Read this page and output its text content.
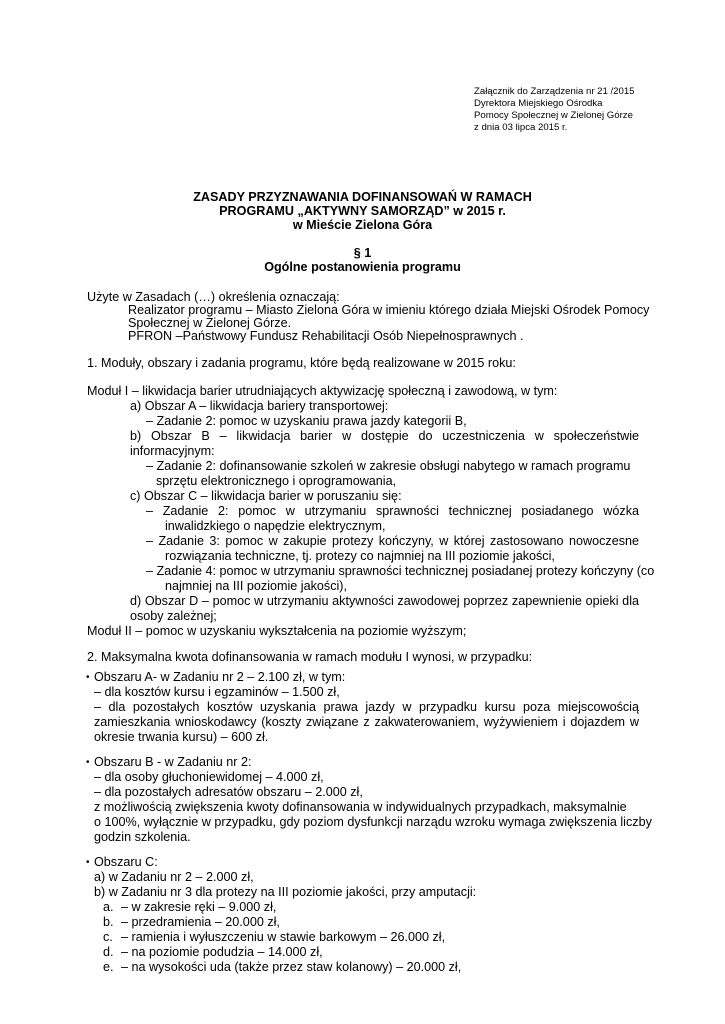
Załącznik do Zarządzenia nr 21 /2015
Dyrektora Miejskiego Ośrodka
Pomocy Społecznej w Zielonej Górze
z dnia 03 lipca 2015 r.
ZASADY PRZYZNAWANIA DOFINANSOWAŃ W RAMACH
PROGRAMU „AKTYWNY SAMORZĄD” w 2015 r.
w Mieście Zielona Góra
§ 1
Ogólne postanowienia programu
Użyte w Zasadach (…) określenia oznaczają:
Realizator programu – Miasto Zielona Góra w imieniu którego działa Miejski Ośrodek Pomocy
Społecznej w Zielonej Górze.
PFRON –Państwowy Fundusz Rehabilitacji Osób Niepełnosprawnych .
1. Moduły, obszary i zadania programu, które będą realizowane w 2015 roku:
Moduł I – likwidacja barier utrudniających aktywizację społeczną i zawodową, w tym:
a) Obszar A – likwidacja bariery transportowej:
– Zadanie 2: pomoc w uzyskaniu prawa jazdy kategorii B,
b) Obszar B – likwidacja barier w dostępie do uczestniczenia w społeczeństwie
informacyjnym:
– Zadanie 2: dofinansowanie szkoleń w zakresie obsługi nabytego w ramach programu
sprzętu elektronicznego i oprogramowania,
c) Obszar C – likwidacja barier w poruszaniu się:
– Zadanie 2: pomoc w utrzymaniu sprawności technicznej posiadanego wózka
inwalidzkiego o napędzie elektrycznym,
– Zadanie 3: pomoc w zakupie protezy kończyny, w której zastosowano nowoczesne
rozwiązania techniczne, tj. protezy co najmniej na III poziomie jakości,
– Zadanie 4: pomoc w utrzymaniu sprawności technicznej posiadanej protezy kończyny (co
najmniej na III poziomie jakości),
d) Obszar D – pomoc w utrzymaniu aktywności zawodowej poprzez zapewnienie opieki dla
osoby zależnej;
Moduł II – pomoc w uzyskaniu wykształcenia na poziomie wyższym;
2. Maksymalna kwota dofinansowania w ramach modułu I wynosi, w przypadku:
• Obszaru A- w Zadaniu nr 2 – 2.100 zł, w tym:
– dla kosztów kursu i egzaminów – 1.500 zł,
– dla pozostałych kosztów uzyskania prawa jazdy w przypadku kursu poza miejscowością
zamieszkania wnioskodawcy (koszty związane z zakwaterowaniem, wyżywieniem i dojazdem w
okresie trwania kursu) – 600 zł.
• Obszaru B - w Zadaniu nr 2:
– dla osoby głuchoniewidomej – 4.000 zł,
– dla pozostałych adresatów obszaru – 2.000 zł,
z możliwością zwiększenia kwoty dofinansowania w indywidualnych przypadkach, maksymalnie
o 100%, wyłącznie w przypadku, gdy poziom dysfunkcji narządu wzroku wymaga zwiększenia liczby
godzin szkolenia.
• Obszaru C:
a) w Zadaniu nr 2 – 2.000 zł,
b) w Zadaniu nr 3 dla protezy na III poziomie jakości, przy amputacji:
a. – w zakresie ręki – 9.000 zł,
b. – przedramienia – 20.000 zł,
c. – ramienia i wyłuszczeniu w stawie barkowym – 26.000 zł,
d. – na poziomie podudzia – 14.000 zł,
e. – na wysokości uda (także przez staw kolanowy) – 20.000 zł,
